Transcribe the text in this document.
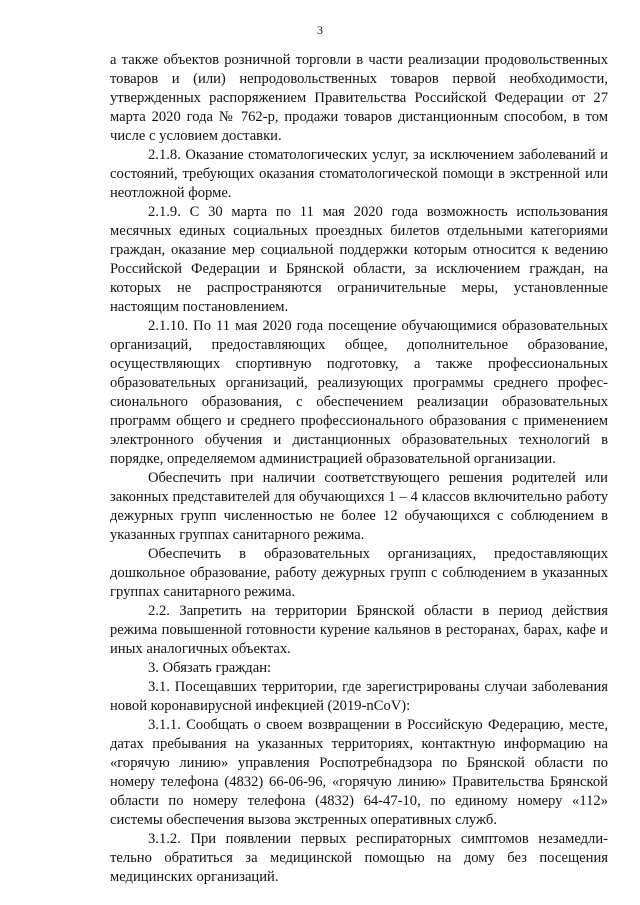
3

а также объектов розничной торговли в части реализации продовольственных товаров и (или) непродовольственных товаров первой необходимости, утвержденных распоряжением Правительства Российской Федерации от 27 марта 2020 года № 762-р, продажи товаров дистанционным способом, в том числе с условием доставки.

2.1.8. Оказание стоматологических услуг, за исключением заболеваний и состояний, требующих оказания стоматологической помощи в экстренной или неотложной форме.

2.1.9. С 30 марта по 11 мая 2020 года возможность использования месячных единых социальных проездных билетов отдельными категориями граждан, оказание мер социальной поддержки которым относится к ведению Российской Федерации и Брянской области, за исключением граждан, на которых не распространяются ограничительные меры, установленные настоящим постановлением.

2.1.10. По 11 мая 2020 года посещение обучающимися образовательных организаций, предоставляющих общее, дополнительное образование, осуществляющих спортивную подготовку, а также профессиональных образовательных организаций, реализующих программы среднего профессионального образования, с обеспечением реализации образовательных программ общего и среднего профессионального образования с применением электронного обучения и дистанционных образовательных технологий в порядке, определяемом администрацией образовательной организации.

Обеспечить при наличии соответствующего решения родителей или законных представителей для обучающихся 1 – 4 классов включительно работу дежурных групп численностью не более 12 обучающихся с соблюдением в указанных группах санитарного режима.

Обеспечить в образовательных организациях, предоставляющих дошкольное образование, работу дежурных групп с соблюдением в указанных группах санитарного режима.

2.2. Запретить на территории Брянской области в период действия режима повышенной готовности курение кальянов в ресторанах, барах, кафе и иных аналогичных объектах.

3. Обязать граждан:

3.1. Посещавших территории, где зарегистрированы случаи заболевания новой коронавирусной инфекцией (2019-nCoV):

3.1.1. Сообщать о своем возвращении в Российскую Федерацию, месте, датах пребывания на указанных территориях, контактную информацию на «горячую линию» управления Роспотребнадзора по Брянской области по номеру телефона (4832) 66-06-96, «горячую линию» Правительства Брянской области по номеру телефона (4832) 64-47-10, по единому номеру «112» системы обеспечения вызова экстренных оперативных служб.

3.1.2. При появлении первых респираторных симптомов незамедлительно обратиться за медицинской помощью на дому без посещения медицинских организаций.
